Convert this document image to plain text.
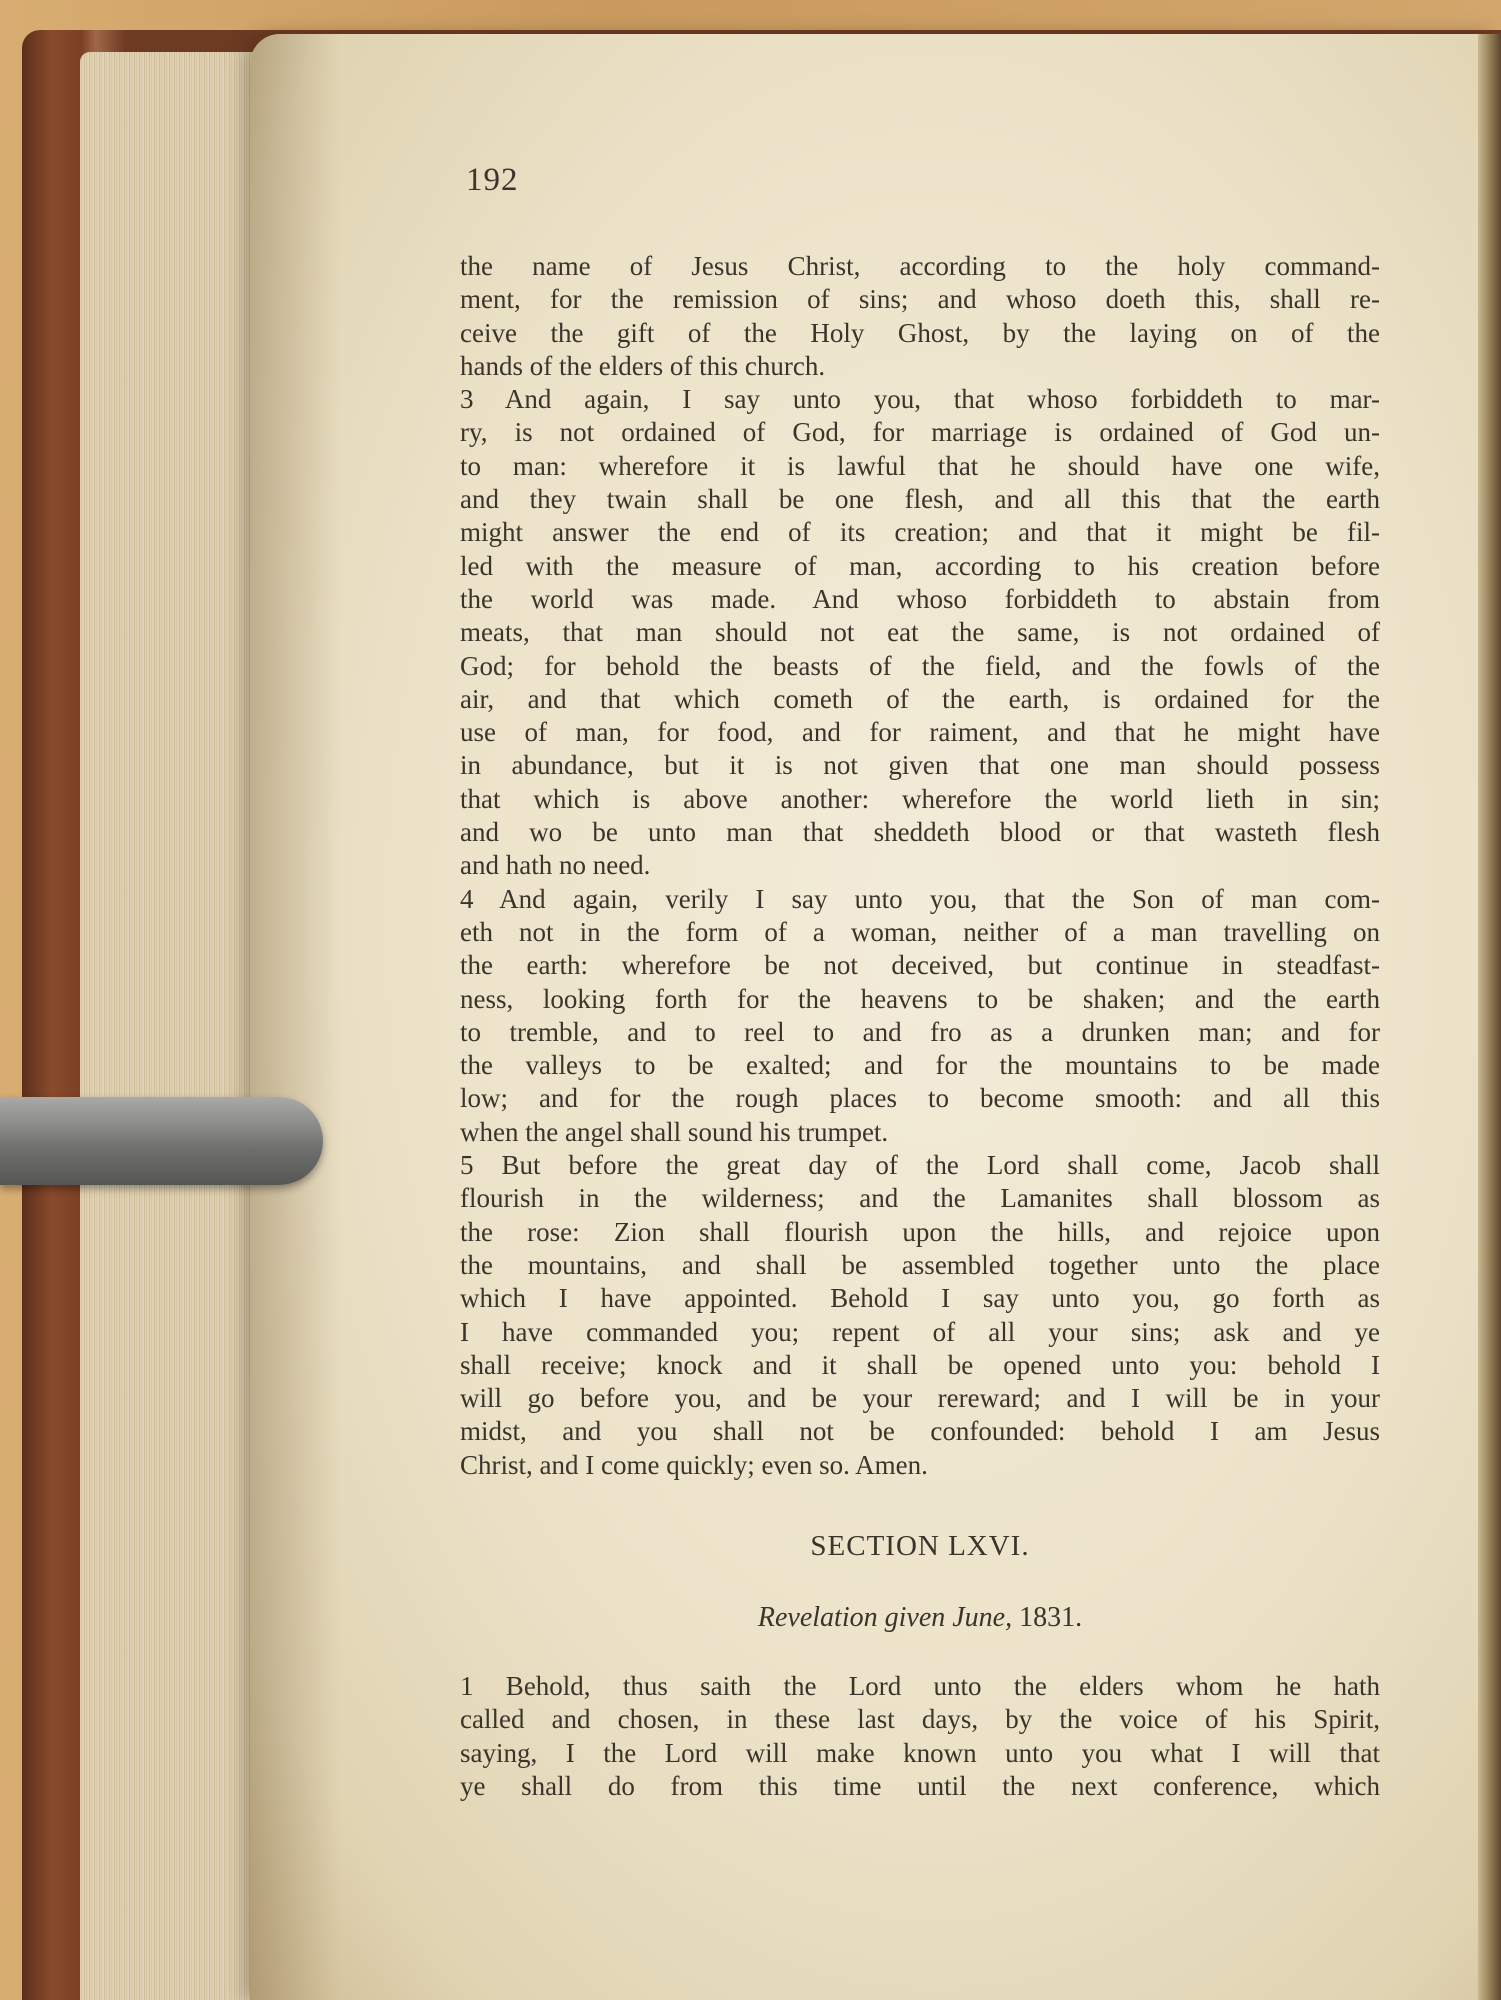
192
the name of Jesus Christ, according to the holy command-
ment, for the remission of sins; and whoso doeth this, shall re-
ceive the gift of the Holy Ghost, by the laying on of the
hands of the elders of this church.
3 And again, I say unto you, that whoso forbiddeth to mar-
ry, is not ordained of God, for marriage is ordained of God un-
to man: wherefore it is lawful that he should have one wife,
and they twain shall be one flesh, and all this that the earth
might answer the end of its creation; and that it might be fil-
led with the measure of man, according to his creation before
the world was made. And whoso forbiddeth to abstain from
meats, that man should not eat the same, is not ordained of
God; for behold the beasts of the field, and the fowls of the
air, and that which cometh of the earth, is ordained for the
use of man, for food, and for raiment, and that he might have
in abundance, but it is not given that one man should possess
that which is above another: wherefore the world lieth in sin;
and wo be unto man that sheddeth blood or that wasteth flesh
and hath no need.
4 And again, verily I say unto you, that the Son of man com-
eth not in the form of a woman, neither of a man travelling on
the earth: wherefore be not deceived, but continue in steadfast-
ness, looking forth for the heavens to be shaken; and the earth
to tremble, and to reel to and fro as a drunken man; and for
the valleys to be exalted; and for the mountains to be made
low; and for the rough places to become smooth: and all this
when the angel shall sound his trumpet.
5 But before the great day of the Lord shall come, Jacob shall
flourish in the wilderness; and the Lamanites shall blossom as
the rose: Zion shall flourish upon the hills, and rejoice upon
the mountains, and shall be assembled together unto the place
which I have appointed. Behold I say unto you, go forth as
I have commanded you; repent of all your sins; ask and ye
shall receive; knock and it shall be opened unto you: behold I
will go before you, and be your rereward; and I will be in your
midst, and you shall not be confounded: behold I am Jesus
Christ, and I come quickly; even so. Amen.
SECTION LXVI.
Revelation given June, 1831.
1 Behold, thus saith the Lord unto the elders whom he hath
called and chosen, in these last days, by the voice of his Spirit,
saying, I the Lord will make known unto you what I will that
ye shall do from this time until the next conference, which
